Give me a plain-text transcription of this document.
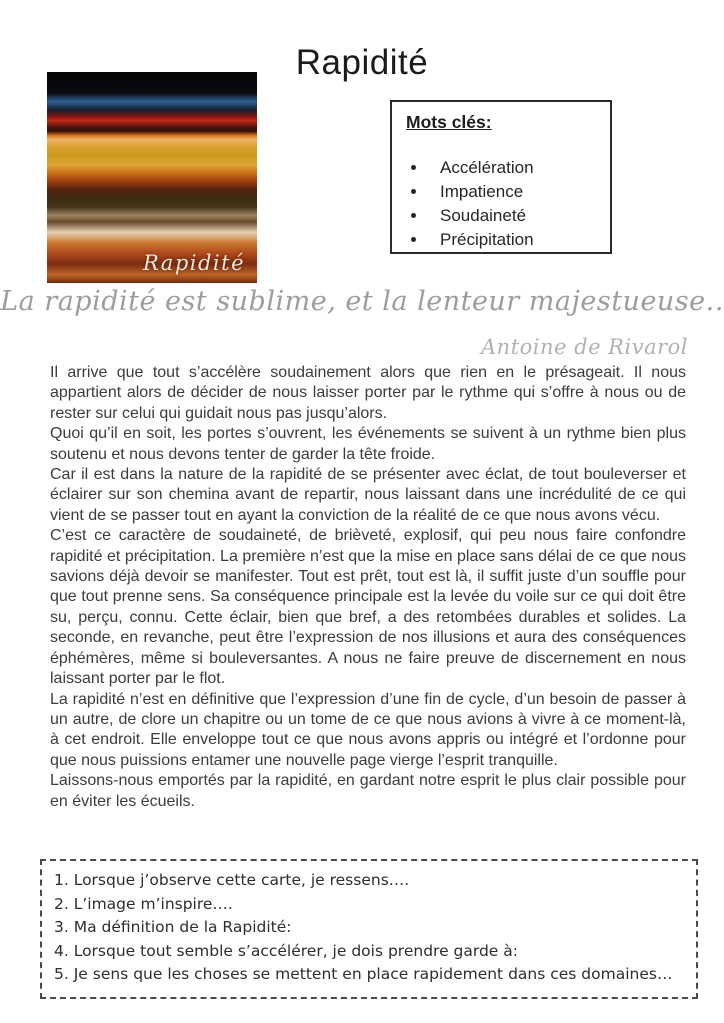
Rapidité
Rapidité
Mots clés:
• Accélération
• Impatience
• Soudaineté
• Précipitation
La rapidité est sublime, et la lenteur majestueuse..
Antoine de Rivarol

Il arrive que tout s’accélère soudainement alors que rien en le présageait. Il nous appartient alors de décider de nous laisser porter par le rythme qui s’offre à nous ou de rester sur celui qui guidait nous pas jusqu’alors.

Quoi qu’il en soit, les portes s’ouvrent, les événements se suivent à un rythme bien plus soutenu et nous devons tenter de garder la tête froide.

Car il est dans la nature de la rapidité de se présenter avec éclat, de tout bouleverser et éclairer sur son chemina avant de repartir, nous laissant dans une incrédulité de ce qui vient de se passer tout en ayant la conviction de la réalité de ce que nous avons vécu.

C’est ce caractère de soudaineté, de brièveté, explosif, qui peu nous faire confondre rapidité et précipitation. La première n’est que la mise en place sans délai de ce que nous savions déjà devoir se manifester. Tout est prêt, tout est là, il suffit juste d’un souffle pour que tout prenne sens. Sa conséquence principale est la levée du voile sur ce qui doit être su, perçu, connu. Cette éclair, bien que bref, a des retombées durables et solides. La seconde, en revanche, peut être l’expression de nos illusions et aura des conséquences éphémères, même si bouleversantes. A nous ne faire preuve de discernement en nous laissant porter par le flot.

La rapidité n’est en définitive que l’expression d’une fin de cycle, d’un besoin de passer à un autre, de clore un chapitre ou un tome de ce que nous avions à vivre à ce moment-là, à cet endroit. Elle enveloppe tout ce que nous avons appris ou intégré et l’ordonne pour que nous puissions entamer une nouvelle page vierge l’esprit tranquille.

Laissons-nous emportés par la rapidité, en gardant notre esprit le plus clair possible pour en éviter les écueils.

1. Lorsque j’observe cette carte, je ressens….
2. L’image m’inspire….
3. Ma définition de la Rapidité:
4. Lorsque tout semble s’accélérer, je dois prendre garde à:
5. Je sens que les choses se mettent en place rapidement dans ces domaines…
